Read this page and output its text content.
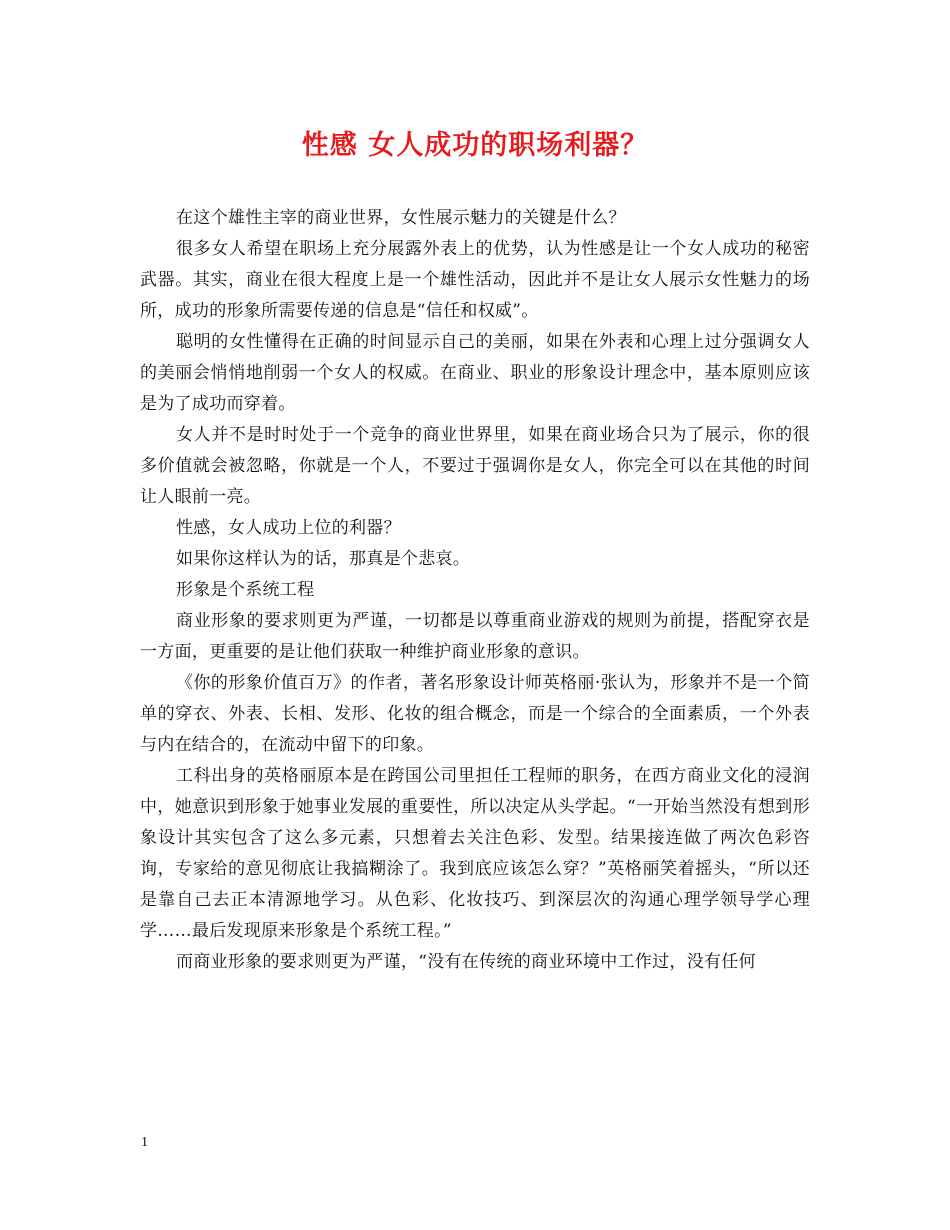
性感 女人成功的职场利器？

在这个雄性主宰的商业世界，女性展示魅力的关键是什么？

很多女人希望在职场上充分展露外表上的优势，认为性感是让一个女人成功的秘密武器。其实，商业在很大程度上是一个雄性活动，因此并不是让女人展示女性魅力的场所，成功的形象所需要传递的信息是“信任和权威”。

聪明的女性懂得在正确的时间显示自己的美丽，如果在外表和心理上过分强调女人的美丽会悄悄地削弱一个女人的权威。在商业、职业的形象设计理念中，基本原则应该是为了成功而穿着。

女人并不是时时处于一个竞争的商业世界里，如果在商业场合只为了展示，你的很多价值就会被忽略，你就是一个人，不要过于强调你是女人，你完全可以在其他的时间让人眼前一亮。

性感，女人成功上位的利器？

如果你这样认为的话，那真是个悲哀。

形象是个系统工程

商业形象的要求则更为严谨，一切都是以尊重商业游戏的规则为前提，搭配穿衣是一方面，更重要的是让他们获取一种维护商业形象的意识。

《你的形象价值百万》的作者，著名形象设计师英格丽·张认为，形象并不是一个简单的穿衣、外表、长相、发形、化妆的组合概念，而是一个综合的全面素质，一个外表与内在结合的，在流动中留下的印象。

工科出身的英格丽原本是在跨国公司里担任工程师的职务，在西方商业文化的浸润中，她意识到形象于她事业发展的重要性，所以决定从头学起。“一开始当然没有想到形象设计其实包含了这么多元素，只想着去关注色彩、发型。结果接连做了两次色彩咨询，专家给的意见彻底让我搞糊涂了。我到底应该怎么穿？”英格丽笑着摇头，“所以还是靠自己去正本清源地学习。从色彩、化妆技巧、到深层次的沟通心理学领导学心理学……最后发现原来形象是个系统工程。”

而商业形象的要求则更为严谨，“没有在传统的商业环境中工作过，没有任何

1
